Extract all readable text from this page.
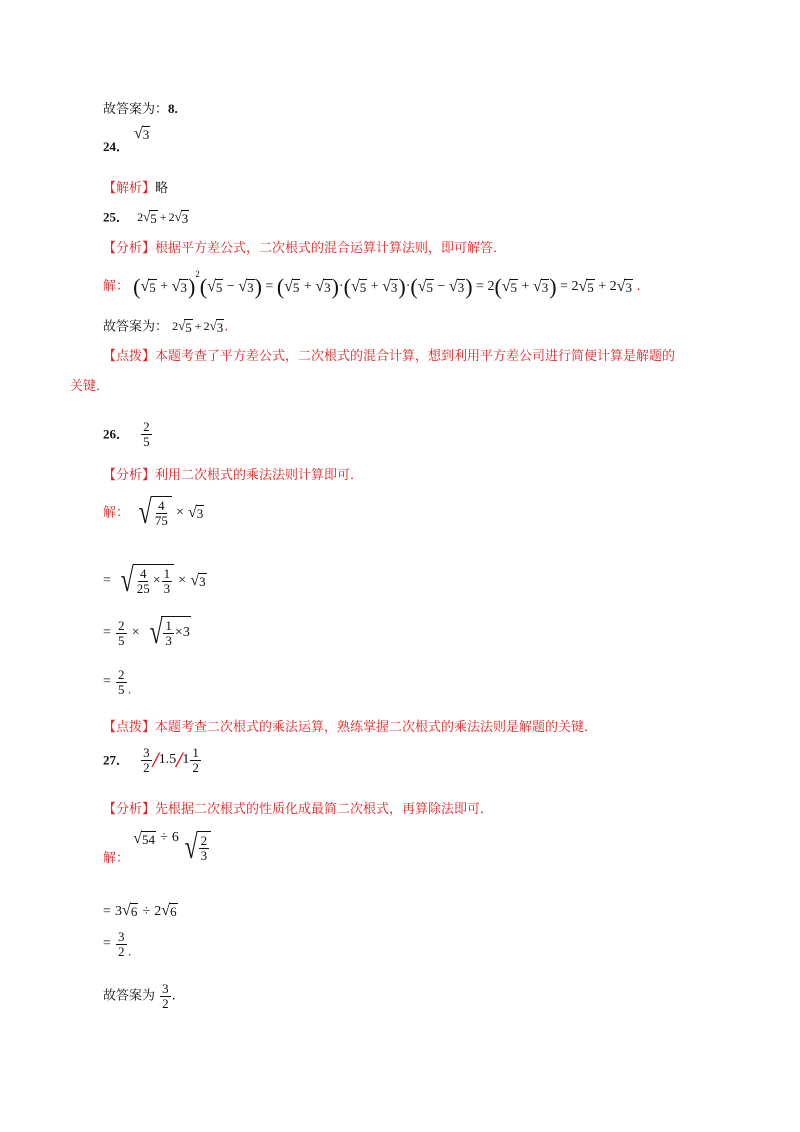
故答案为：8.
24．
√ 3
【解析】略
25． 2 √ 5 + 2 √ 3
【分析】根据平方差公式，二次根式的混合运算计算法则，即可解答．
解： ( √ 5 + √ 3 )$^2$( √ 5 − √ 3 ) = ( √ 5 + √ 3 )·( √ 5 + √ 3 )·( √ 5 − √ 3 ) = 2( √ 5 + √ 3 ) = 2 √ 5 + 2 √ 3 .
故答案为： 2 √ 5 + 2 √ 3 .
【点拨】本题考查了平方差公式，二次根式的混合计算，想到利用平方差公司进行简便计算是解题的
关键．
26． $\frac{2}{5}$
【分析】利用二次根式的乘法法则计算即可．
解： √ $\frac{4}{75}$ × √ 3
= √ $\frac{4}{25} \times \frac{1}{3}$ × √ 3
= $\frac{2}{5}$ × √ $\frac{1}{3} \times 3$
= $\frac{2}{5}$ .
【点拨】本题考查二次根式的乘法运算，熟练掌握二次根式的乘法法则是解题的关键．
27． $\frac{3}{2} /1.5/1 \frac{1}{2}$
【分析】先根据二次根式的性质化成最简二次根式，再算除法即可．
解：
√ 54 ÷ 6 √ $\frac{2}{3}$
= 3 √ 6 ÷ 2 √ 6
= $\frac{3}{2}$ .
故答案为 $\frac{3}{2}$ .
